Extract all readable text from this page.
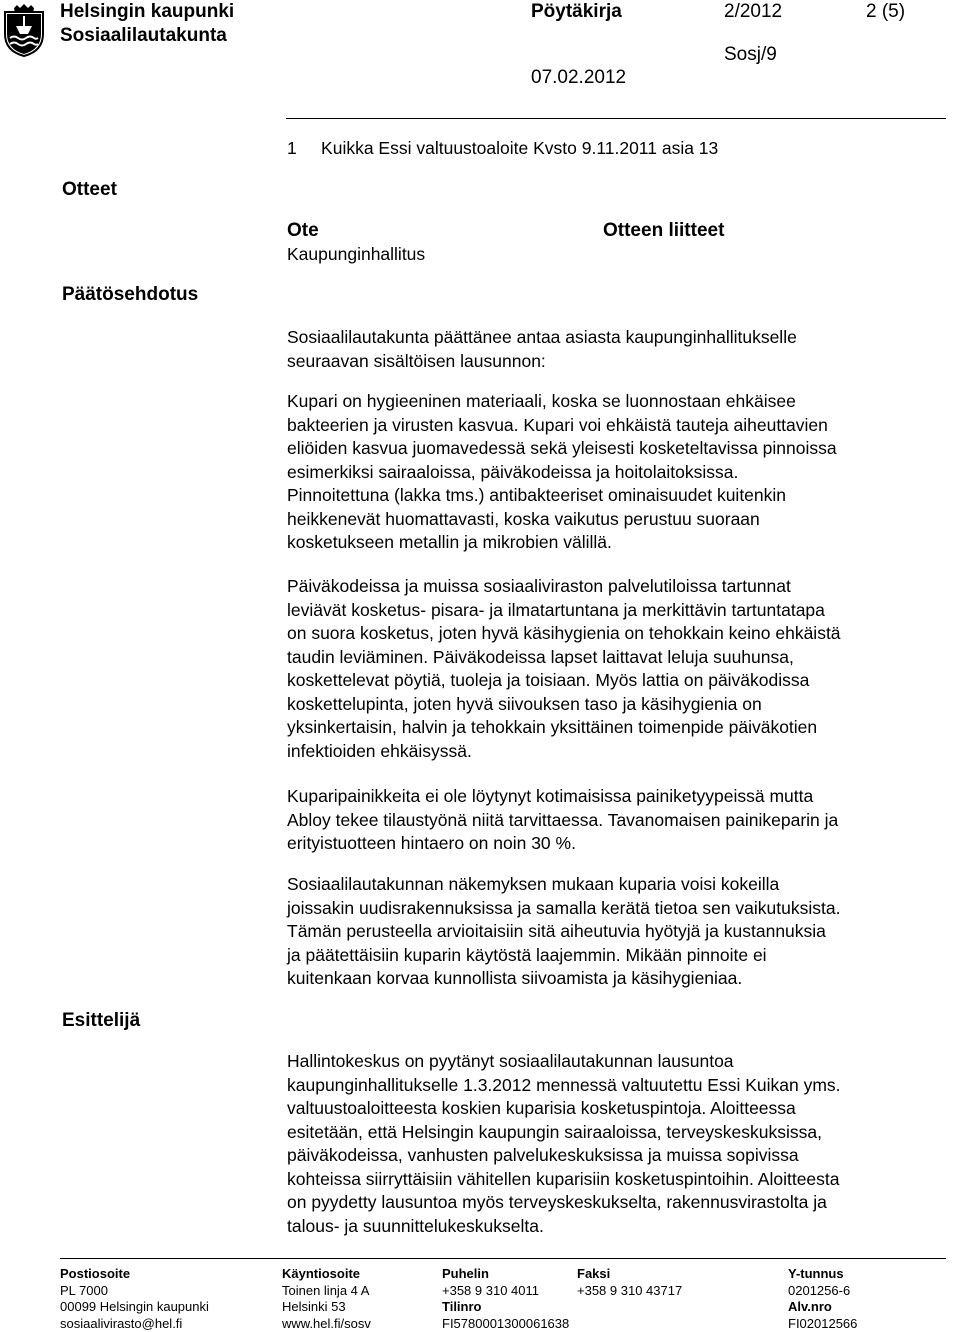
Helsingin kaupunki
Sosiaalilautakunta
Pöytäkirja	2/2012	2 (5)
Sosj/9
07.02.2012
1     Kuikka Essi valtuustoaloite Kvsto 9.11.2011 asia 13
Otteet
Päätösehdotus
Esittelijä

Ote

Kaupunginhallitus

Otteen liitteet

Sosiaalilautakunta päättänee antaa asiasta kaupunginhallitukselle

seuraavan sisältöisen lausunnon:

Kupari on hygieeninen materiaali, koska se luonnostaan ehkäisee

bakteerien ja virusten kasvua. Kupari voi ehkäistä tauteja aiheuttavien

eliöiden kasvua juomavedessä sekä yleisesti kosketeltavissa pinnoissa

esimerkiksi sairaaloissa, päiväkodeissa ja hoitolaitoksissa.

Pinnoitettuna (lakka tms.) antibakteeriset ominaisuudet kuitenkin

heikkenevät huomattavasti, koska vaikutus perustuu suoraan

kosketukseen metallin ja mikrobien välillä.

Päiväkodeissa ja muissa sosiaaliviraston palvelutiloissa tartunnat

leviävät kosketus- pisara- ja ilmatartuntana ja merkittävin tartuntatapa

on suora kosketus, joten hyvä käsihygienia on tehokkain keino ehkäistä

taudin leviäminen. Päiväkodeissa lapset laittavat leluja suuhunsa,

koskettelevat pöytiä, tuoleja ja toisiaan. Myös lattia on päiväkodissa

koskettelupinta, joten hyvä siivouksen taso ja käsihygienia on

yksinkertaisin, halvin ja tehokkain yksittäinen toimenpide päiväkotien

infektioiden ehkäisyssä.

Kuparipainikkeita ei ole löytynyt kotimaisissa painiketyypeissä mutta

Abloy tekee tilaustyönä niitä tarvittaessa. Tavanomaisen painikeparin ja

erityistuotteen hintaero on noin 30 %.

Sosiaalilautakunnan näkemyksen mukaan kuparia voisi kokeilla

joissakin uudisrakennuksissa ja samalla kerätä tietoa sen vaikutuksista.

Tämän perusteella arvioitaisiin sitä aiheutuvia hyötyjä ja kustannuksia

ja päätettäisiin kuparin käytöstä laajemmin. Mikään pinnoite ei

kuitenkaan korvaa kunnollista siivoamista ja käsihygieniaa.

Hallintokeskus on pyytänyt sosiaalilautakunnan lausuntoa

kaupunginhallitukselle 1.3.2012 mennessä valtuutettu Essi Kuikan yms.

valtuustoaloitteesta koskien kuparisia kosketuspintoja. Aloitteessa

esitetään, että Helsingin kaupungin sairaaloissa, terveyskeskuksissa,

päiväkodeissa, vanhusten palvelukeskuksissa ja muissa sopivissa

kohteissa siirryttäisiin vähitellen kuparisiin kosketuspintoihin. Aloitteesta

on pyydetty lausuntoa myös terveyskeskukselta, rakennusvirastolta ja

talous- ja suunnittelukeskukselta.

Postiosoite
PL 7000
00099 Helsingin kaupunki
sosiaalivirasto@hel.fi
Käyntiosoite
Toinen linja 4 A
Helsinki 53
www.hel.fi/sosv
Puhelin
+358 9 310 4011
Tilinro
FI5780001300061638
Faksi
+358 9 310 43717
Y-tunnus
0201256-6
Alv.nro
FI02012566
